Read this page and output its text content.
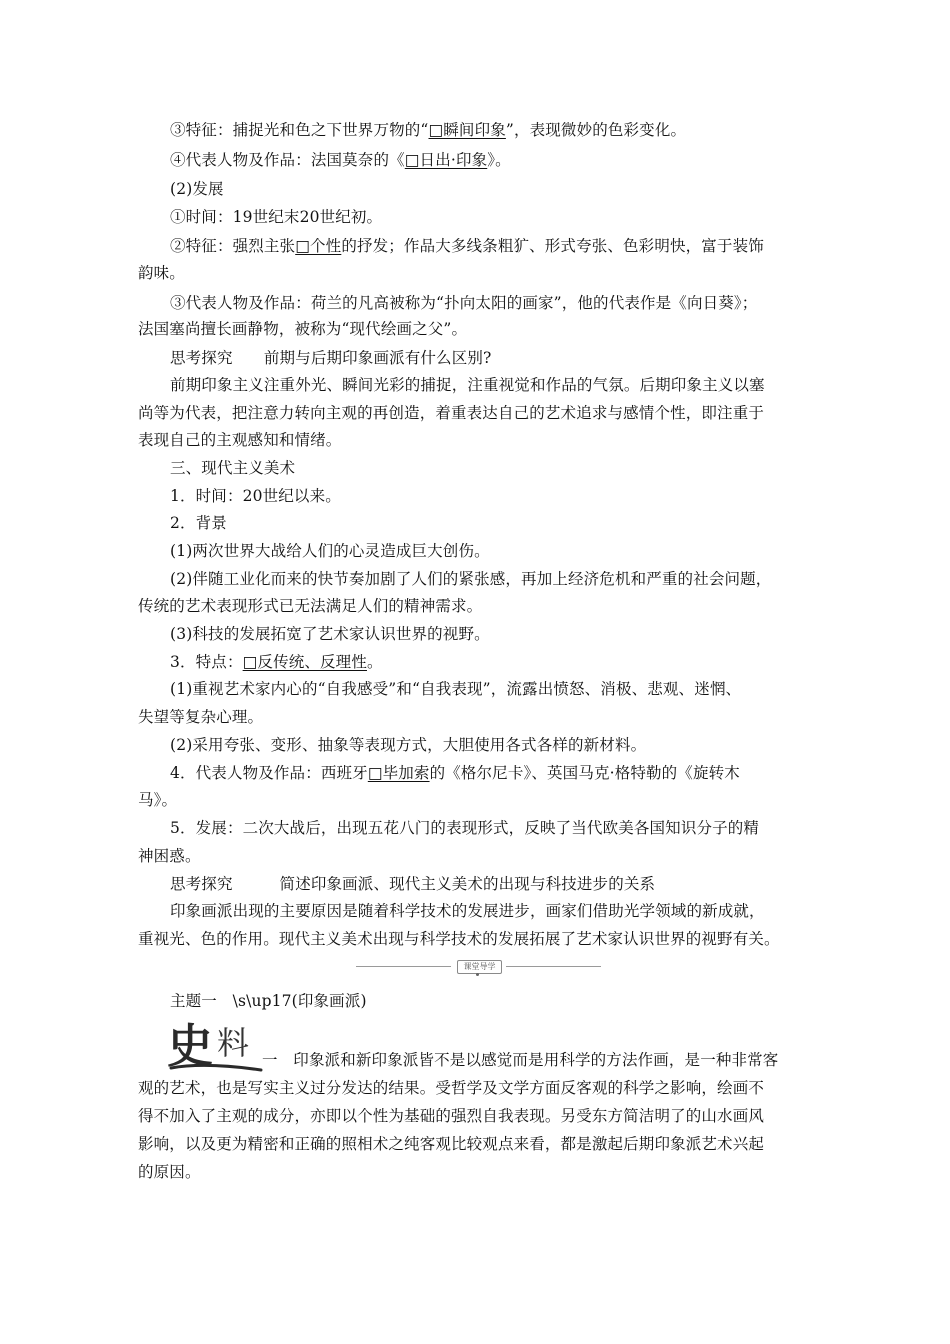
③特征：捕捉光和色之下世界万物的“□瞬间印象”，表现微妙的色彩变化。
④代表人物及作品：法国莫奈的《□日出·印象》。
(2)发展
①时间：19世纪末20世纪初。
②特征：强烈主张□个性的抒发；作品大多线条粗犷、形式夸张、色彩明快，富于装饰
韵味。
③代表人物及作品：荷兰的凡高被称为“扑向太阳的画家”，他的代表作是《向日葵》；
法国塞尚擅长画静物，被称为“现代绘画之父”。
思考探究　　前期与后期印象画派有什么区别?
前期印象主义注重外光、瞬间光彩的捕捉，注重视觉和作品的气氛。后期印象主义以塞
尚等为代表，把注意力转向主观的再创造，着重表达自己的艺术追求与感情个性，即注重于
表现自己的主观感知和情绪。
三、现代主义美术
1．时间：20世纪以来。
2．背景
(1)两次世界大战给人们的心灵造成巨大创伤。
(2)伴随工业化而来的快节奏加剧了人们的紧张感，再加上经济危机和严重的社会问题，
传统的艺术表现形式已无法满足人们的精神需求。
(3)科技的发展拓宽了艺术家认识世界的视野。
3．特点：□反传统、反理性。
(1)重视艺术家内心的“自我感受”和“自我表现”，流露出愤怒、消极、悲观、迷惘、
失望等复杂心理。
(2)采用夸张、变形、抽象等表现方式，大胆使用各式各样的新材料。
4．代表人物及作品：西班牙□毕加索的《格尔尼卡》、英国马克·格特勒的《旋转木
马》。
5．发展：二次大战后，出现五花八门的表现形式，反映了当代欧美各国知识分子的精
神困惑。
思考探究　　　简述印象画派、现代主义美术的出现与科技进步的关系
印象画派出现的主要原因是随着科学技术的发展进步，画家们借助光学领域的新成就，
重视光、色的作用。现代主义美术出现与科学技术的发展拓展了艺术家认识世界的视野有关。
课堂导学
主题一　\s\up17(印象画派)
史 料 一　印象派和新印象派皆不是以感觉而是用科学的方法作画，是一种非常客
观的艺术，也是写实主义过分发达的结果。受哲学及文学方面反客观的科学之影响，绘画不
得不加入了主观的成分，亦即以个性为基础的强烈自我表现。另受东方简洁明了的山水画风
影响，以及更为精密和正确的照相术之纯客观比较观点来看，都是激起后期印象派艺术兴起
的原因。
